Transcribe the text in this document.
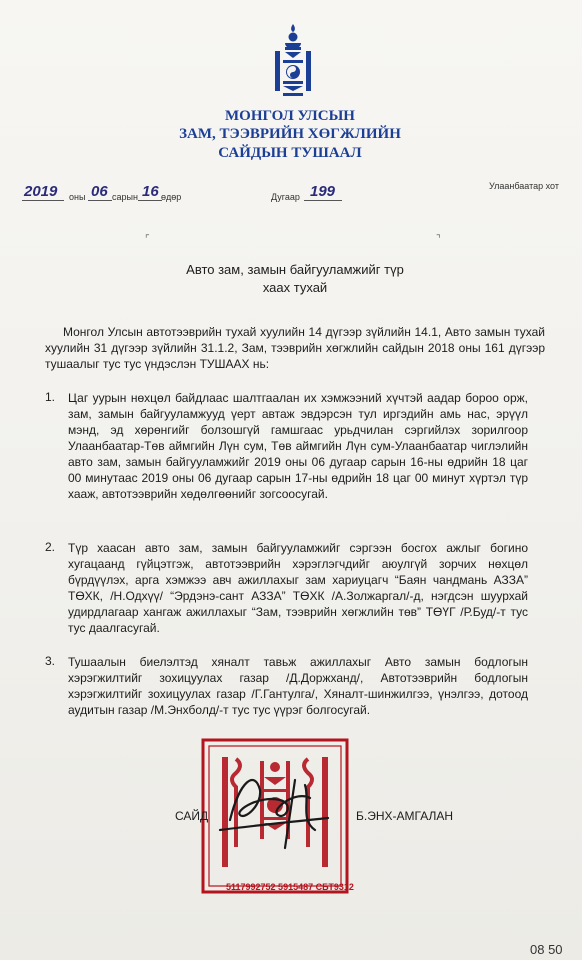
МОНГОЛ УЛСЫН
ЗАМ, ТЭЭВРИЙН ХӨГЖЛИЙН
САЙДЫН ТУШААЛ
2019 оны 06 сарын 16 өдөр	Дугаар 199	Улаанбаатар хот
⌜	⌝
Авто зам, замын байгууламжийг түр
хаах тухай
Монгол Улсын автотээврийн тухай хуулийн 14 дүгээр зүйлийн 14.1, Авто замын тухай хуулийн 31 дүгээр зүйлийн 31.1.2, Зам, тээврийн хөгжлийн сайдын 2018 оны 161 дүгээр тушаалыг тус тус үндэслэн ТУШААХ нь:
1. Цаг уурын нөхцөл байдлаас шалтгаалан их хэмжээний хүчтэй аадар бороо орж, зам, замын байгууламжууд үерт автаж эвдэрсэн тул иргэдийн амь нас, эрүүл мэнд, эд хөрөнгийг болзошгүй гамшгаас урьдчилан сэргийлэх зорилгоор Улаанбаатар-Төв аймгийн Лүн сум, Төв аймгийн Лүн сум-Улаанбаатар чиглэлийн авто зам, замын байгууламжийг 2019 оны 06 дугаар сарын 16-ны өдрийн 18 цаг 00 минутаас 2019 оны 06 дугаар сарын 17-ны өдрийн 18 цаг 00 минут хүртэл түр хааж, автотээврийн хөдөлгөөнийг зогсоосугай.
2. Түр хаасан авто зам, замын байгууламжийг сэргээн босгох ажлыг богино хугацаанд гүйцэтгэж, автотээврийн хэрэглэгчдийг аюулгүй зорчих нөхцөл бүрдүүлэх, арга хэмжээ авч ажиллахыг зам хариуцагч “Баян чандмань АЗЗА” ТӨХК, /Н.Одхүү/ “Эрдэнэ-сант АЗЗА” ТӨХК /А.Золжаргал/-д, нэгдсэн шуурхай удирдлагаар хангаж ажиллахыг “Зам, тээврийн хөгжлийн төв” ТӨҮГ /Р.Буд/-т тус тус даалгасугай.
3. Тушаалын биелэлтэд хяналт тавьж ажиллахыг Авто замын бодлогын хэрэгжилтийг зохицуулах газар /Д.Доржханд/, Автотээврийн бодлогын хэрэгжилтийг зохицуулах газар /Г.Гантулга/, Хяналт-шинжилгээ, үнэлгээ, дотоод аудитын газар /М.Энхболд/-т тус тус үүрэг болгосугай.
5117992752 5915487 СБТ9312
САЙД	Б.ЭНХ-АМГАЛАН
08 50
